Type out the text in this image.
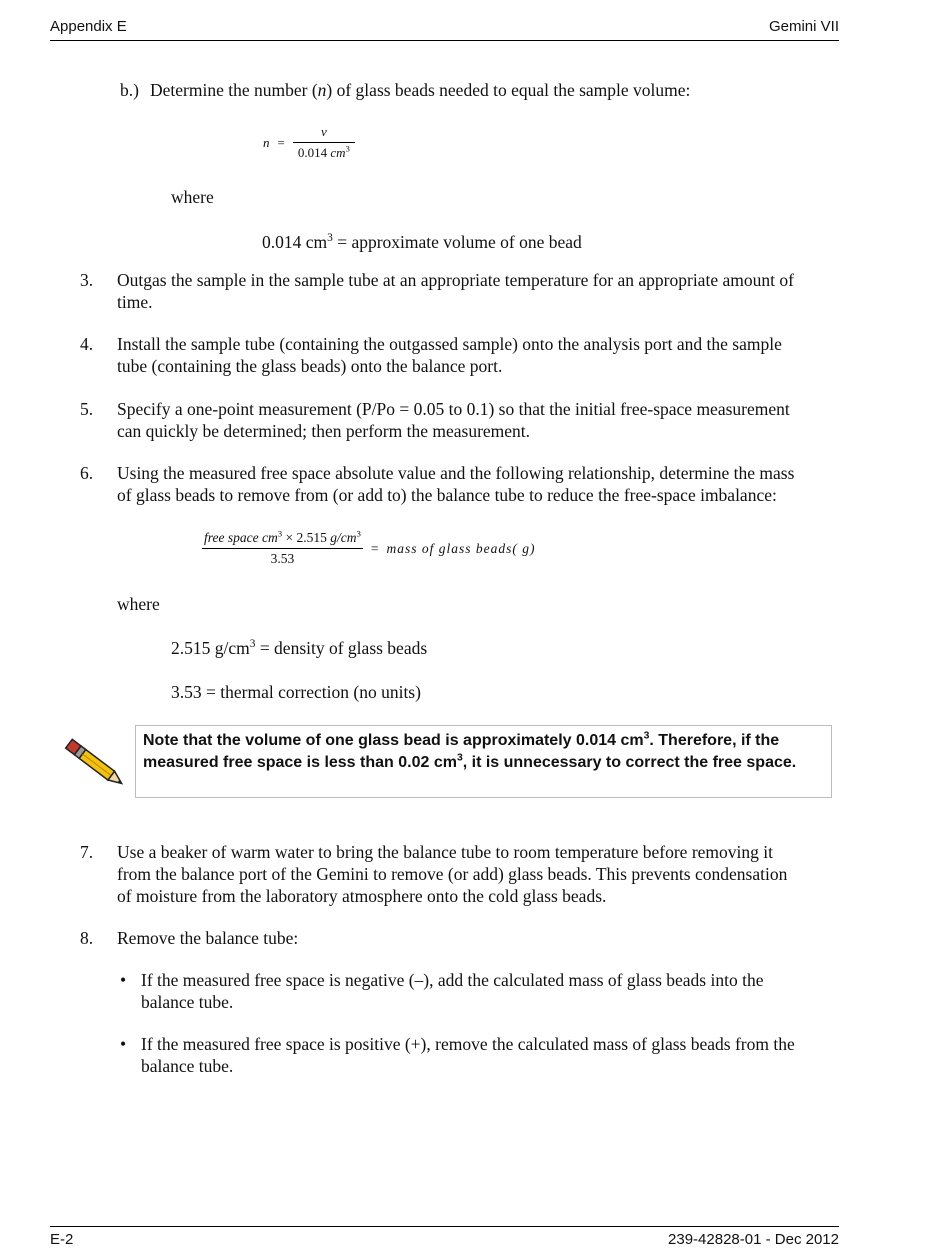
Appendix E	Gemini VII
b.) Determine the number (n) of glass beads needed to equal the sample volume:
$n = \frac{v}{0.014 cm^3}$
where
0.014 $cm^3$ = approximate volume of one bead
3. Outgas the sample in the sample tube at an appropriate temperature for an appropriate amount of
time.
4. Install the sample tube (containing the outgassed sample) onto the analysis port and the sample
tube (containing the glass beads) onto the balance port.
5. Specify a one-point measurement (P/Po = 0.05 to 0.1) so that the initial free-space measurement
can quickly be determined; then perform the measurement.
6. Using the measured free space absolute value and the following relationship, determine the mass
of glass beads to remove from (or add to) the balance tube to reduce the free-space imbalance:
$\frac{free space cm^3 \times 2.515 g/cm^3}{3.53}$ = mass of glass beads( g)
where
2.515 $g/cm^3$ = density of glass beads
3.53 = thermal correction (no units)
Note that the volume of one glass bead is approximately 0.014 $cm^3$. Therefore, if the
measured free space is less than 0.02 $cm^3$, it is unnecessary to correct the free space.
7. Use a beaker of warm water to bring the balance tube to room temperature before removing it
from the balance port of the Gemini to remove (or add) glass beads. This prevents condensation
of moisture from the laboratory atmosphere onto the cold glass beads.
8. Remove the balance tube:
• If the measured free space is negative (–), add the calculated mass of glass beads into the
balance tube.
• If the measured free space is positive (+), remove the calculated mass of glass beads from the
balance tube.
E-2	239-42828-01 - Dec 2012
